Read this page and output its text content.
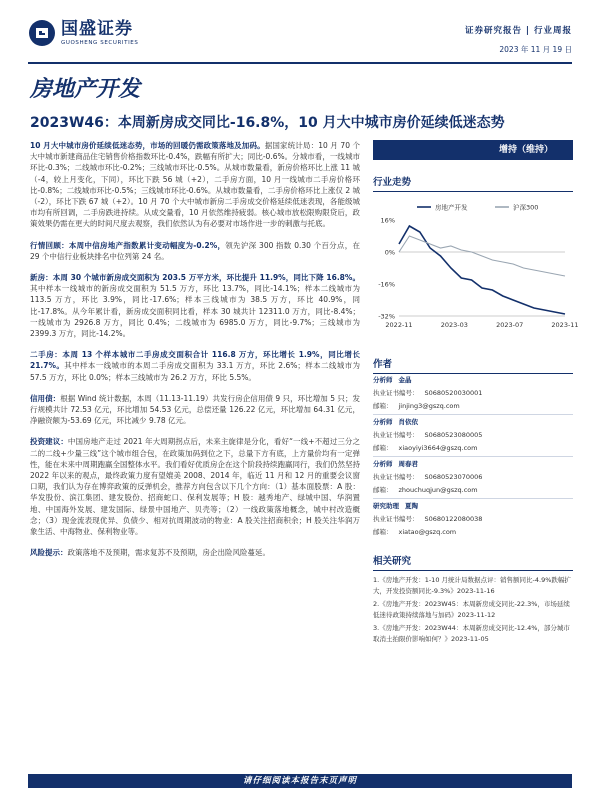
国盛证券
GUOSHENG SECURITIES
证券研究报告 | 行业周报
2023 年 11 月 19 日
房地产开发
2023W46：本周新房成交同比-16.8%，10 月大中城市房价延续低迷态势
10 月大中城市房价延续低迷态势，市场的回暖仍需政策落地及加码。据国家统计局：10 月 70 个大中城市新建商品住宅销售价格指数环比-0.4%，跌幅有所扩大；同比-0.6%。分城市看，一线城市环比-0.3%；二线城市环比-0.2%；三线城市环比-0.5%。从城市数量看，新房价格环比上涨 11 城（-4，较上月变化，下同），环比下跌 56 城（+2），二手房方面，10 月一线城市二手房价格环比-0.8%；二线城市环比-0.5%；三线城市环比-0.6%。从城市数量看，二手房价格环比上涨仅 2 城（-2），环比下跌 67 城（+2）。10 月 70 个大中城市新房二手房成交价格延续低迷表现，各能级城市均有所回调，二手房跌进持续。从成交量看，10 月依然维持疲弱。核心城市放松限购限贷后，政策效果仍需在更大的时间尺度去观察，我们依然认为有必要对市场作进一步的刺激与托底。
行情回顾：本周中信房地产指数累计变动幅度为-0.2%，领先沪深 300 指数 0.30 个百分点，在 29 个中信行业板块排名中位列第 24 名。
新房：本周 30 个城市新房成交面积为 203.5 万平方米，环比提升 11.9%，同比下降 16.8%。其中样本一线城市的新房成交面积为 51.5 万方，环比 13.7%，同比-14.1%；样本二线城市为 113.5 万方，环比 3.9%，同比-17.6%；样本三线城市为 38.5 万方，环比 40.9%，同比-17.8%。从今年累计看，新房成交面积同比看，样本 30 城共计 12311.0 万方，同比-8.4%；一线城市为 2926.8 万方，同比 0.4%；二线城市为 6985.0 万方，同比-9.7%；三线城市为 2399.3 万方，同比-14.2%。
二手房：本周 13 个样本城市二手房成交面积合计 116.8 万方，环比增长 1.9%，同比增长 21.7%。其中样本一线城市的本周二手房成交面积为 33.1 万方，环比 2.6%；样本二线城市为 57.5 万方，环比 0.0%；样本三线城市为 26.2 万方，环比 5.5%。
信用债：根据 Wind 统计数据，本周（11.13-11.19）共发行房企信用债 9 只，环比增加 5 只；发行规模共计 72.53 亿元，环比增加 54.53 亿元，总偿还量 126.22 亿元，环比增加 64.31 亿元，净融资额为-53.69 亿元，环比减少 9.78 亿元。
投资建议：中国房地产走过 2021 年大周期拐点后，未来主旋律是分化，看好“一线+不超过三分之二的二线+少量三线”这个城市组合包，在政策加码到位之下，总量下方有底，上方量价均有一定弹性，能在未来中周期跑赢全国整体水平。我们看好优质房企在这个阶段持续跑赢同行，我们仍然坚持 2022 年以来的观点，最终政策力度有望媲美 2008、2014 年，临近 11 月和 12 月的重要会议窗口期，我们认为存在博弈政策的反弹机会，推荐方向包含以下几个方向：（1）基本面股票：A 股：华发股份、滨江集团、建发股份、招商蛇口、保利发展等；H 股：越秀地产、绿城中国、华润置地、中国海外发展、建发国际、绿景中国地产、贝壳等；（2）一线政策落地概念，城中村改造概念；（3）现金流表现优异、负债少、相对抗周期波动的物业：A 股关注招商积余；H 股关注华润万象生活、中海物业、保利物业等。
风险提示：政策落地不及预期，需求复苏不及预期，房企出险风险蔓延。
增持（维持）
行业走势
16%
0%
-16%
-32%
2022-11	2023-03	2023-07	2023-11
房地产开发	沪深300
作者
分析师 金晶
执业证书编号： S0680520030001
邮箱： jinjing3@gszq.com
分析师 肖依依
执业证书编号： S0680523080005
邮箱： xiaoyiyi3664@gszq.com
分析师 周春君
执业证书编号： S0680523070006
邮箱： zhouchuqjun@gszq.com
研究助理 夏陶
执业证书编号： S0680122080038
邮箱： xiatao@gszq.com
相关研究
1.《房地产开发：1-10 月统计局数据点评：销售额同比-4.9%跌幅扩大，开发投资额同比-9.3%》2023-11-16
2.《房地产开发：2023W45：本周新房成交同比-22.3%，市场延续低迷待政策持续落地与加码》2023-11-12
3.《房地产开发：2023W44：本周新房成交同比-12.4%，部分城市取消土拍限价影响如何？》2023-11-05
请仔细阅读本报告末页声明
